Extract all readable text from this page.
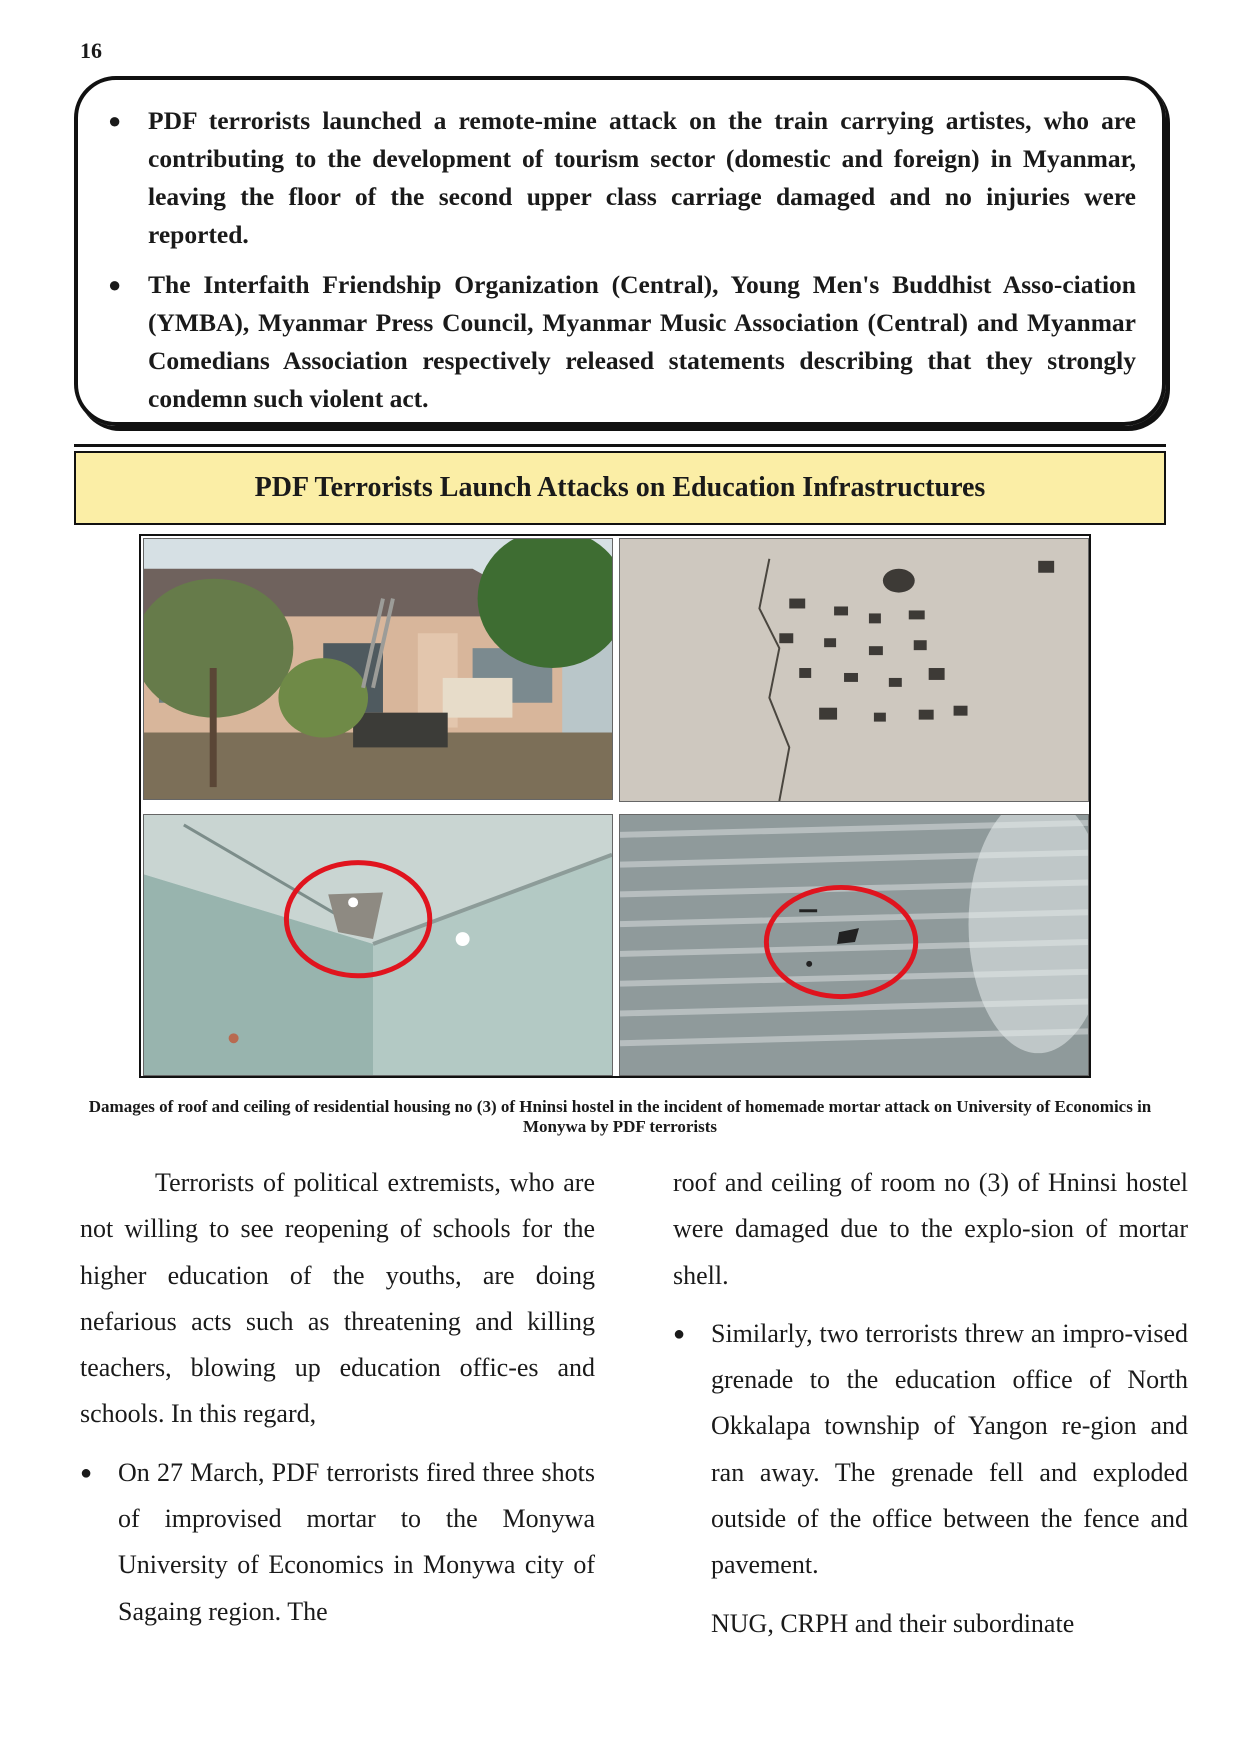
16
● PDF terrorists launched a remote-mine attack on the train carrying artistes, who are contributing to the development of tourism sector (domestic and foreign) in Myanmar, leaving the floor of the second upper class carriage damaged and no injuries were reported.
● The Interfaith Friendship Organization (Central), Young Men's Buddhist Asso-ciation (YMBA), Myanmar Press Council, Myanmar Music Association (Central) and Myanmar Comedians Association respectively released statements describing that they strongly condemn such violent act.
PDF Terrorists Launch Attacks on Education Infrastructures
Damages of roof and ceiling of residential housing no (3) of Hninsi hostel in the incident of homemade mortar attack on University of Economics in Monywa by PDF terrorists

Terrorists of political extremists, who are not willing to see reopening of schools for the higher education of the youths, are doing nefarious acts such as threatening and killing teachers, blowing up education offic-es and schools. In this regard,

● On 27 March, PDF terrorists fired three shots of improvised mortar to the Monywa University of Economics in Monywa city of Sagaing region. The

roof and ceiling of room no (3) of Hninsi hostel were damaged due to the explo-sion of mortar shell.

● Similarly, two terrorists threw an impro-vised grenade to the education office of North Okkalapa township of Yangon re-gion and ran away. The grenade fell and exploded outside of the office between the fence and pavement.

NUG, CRPH and their subordinate
